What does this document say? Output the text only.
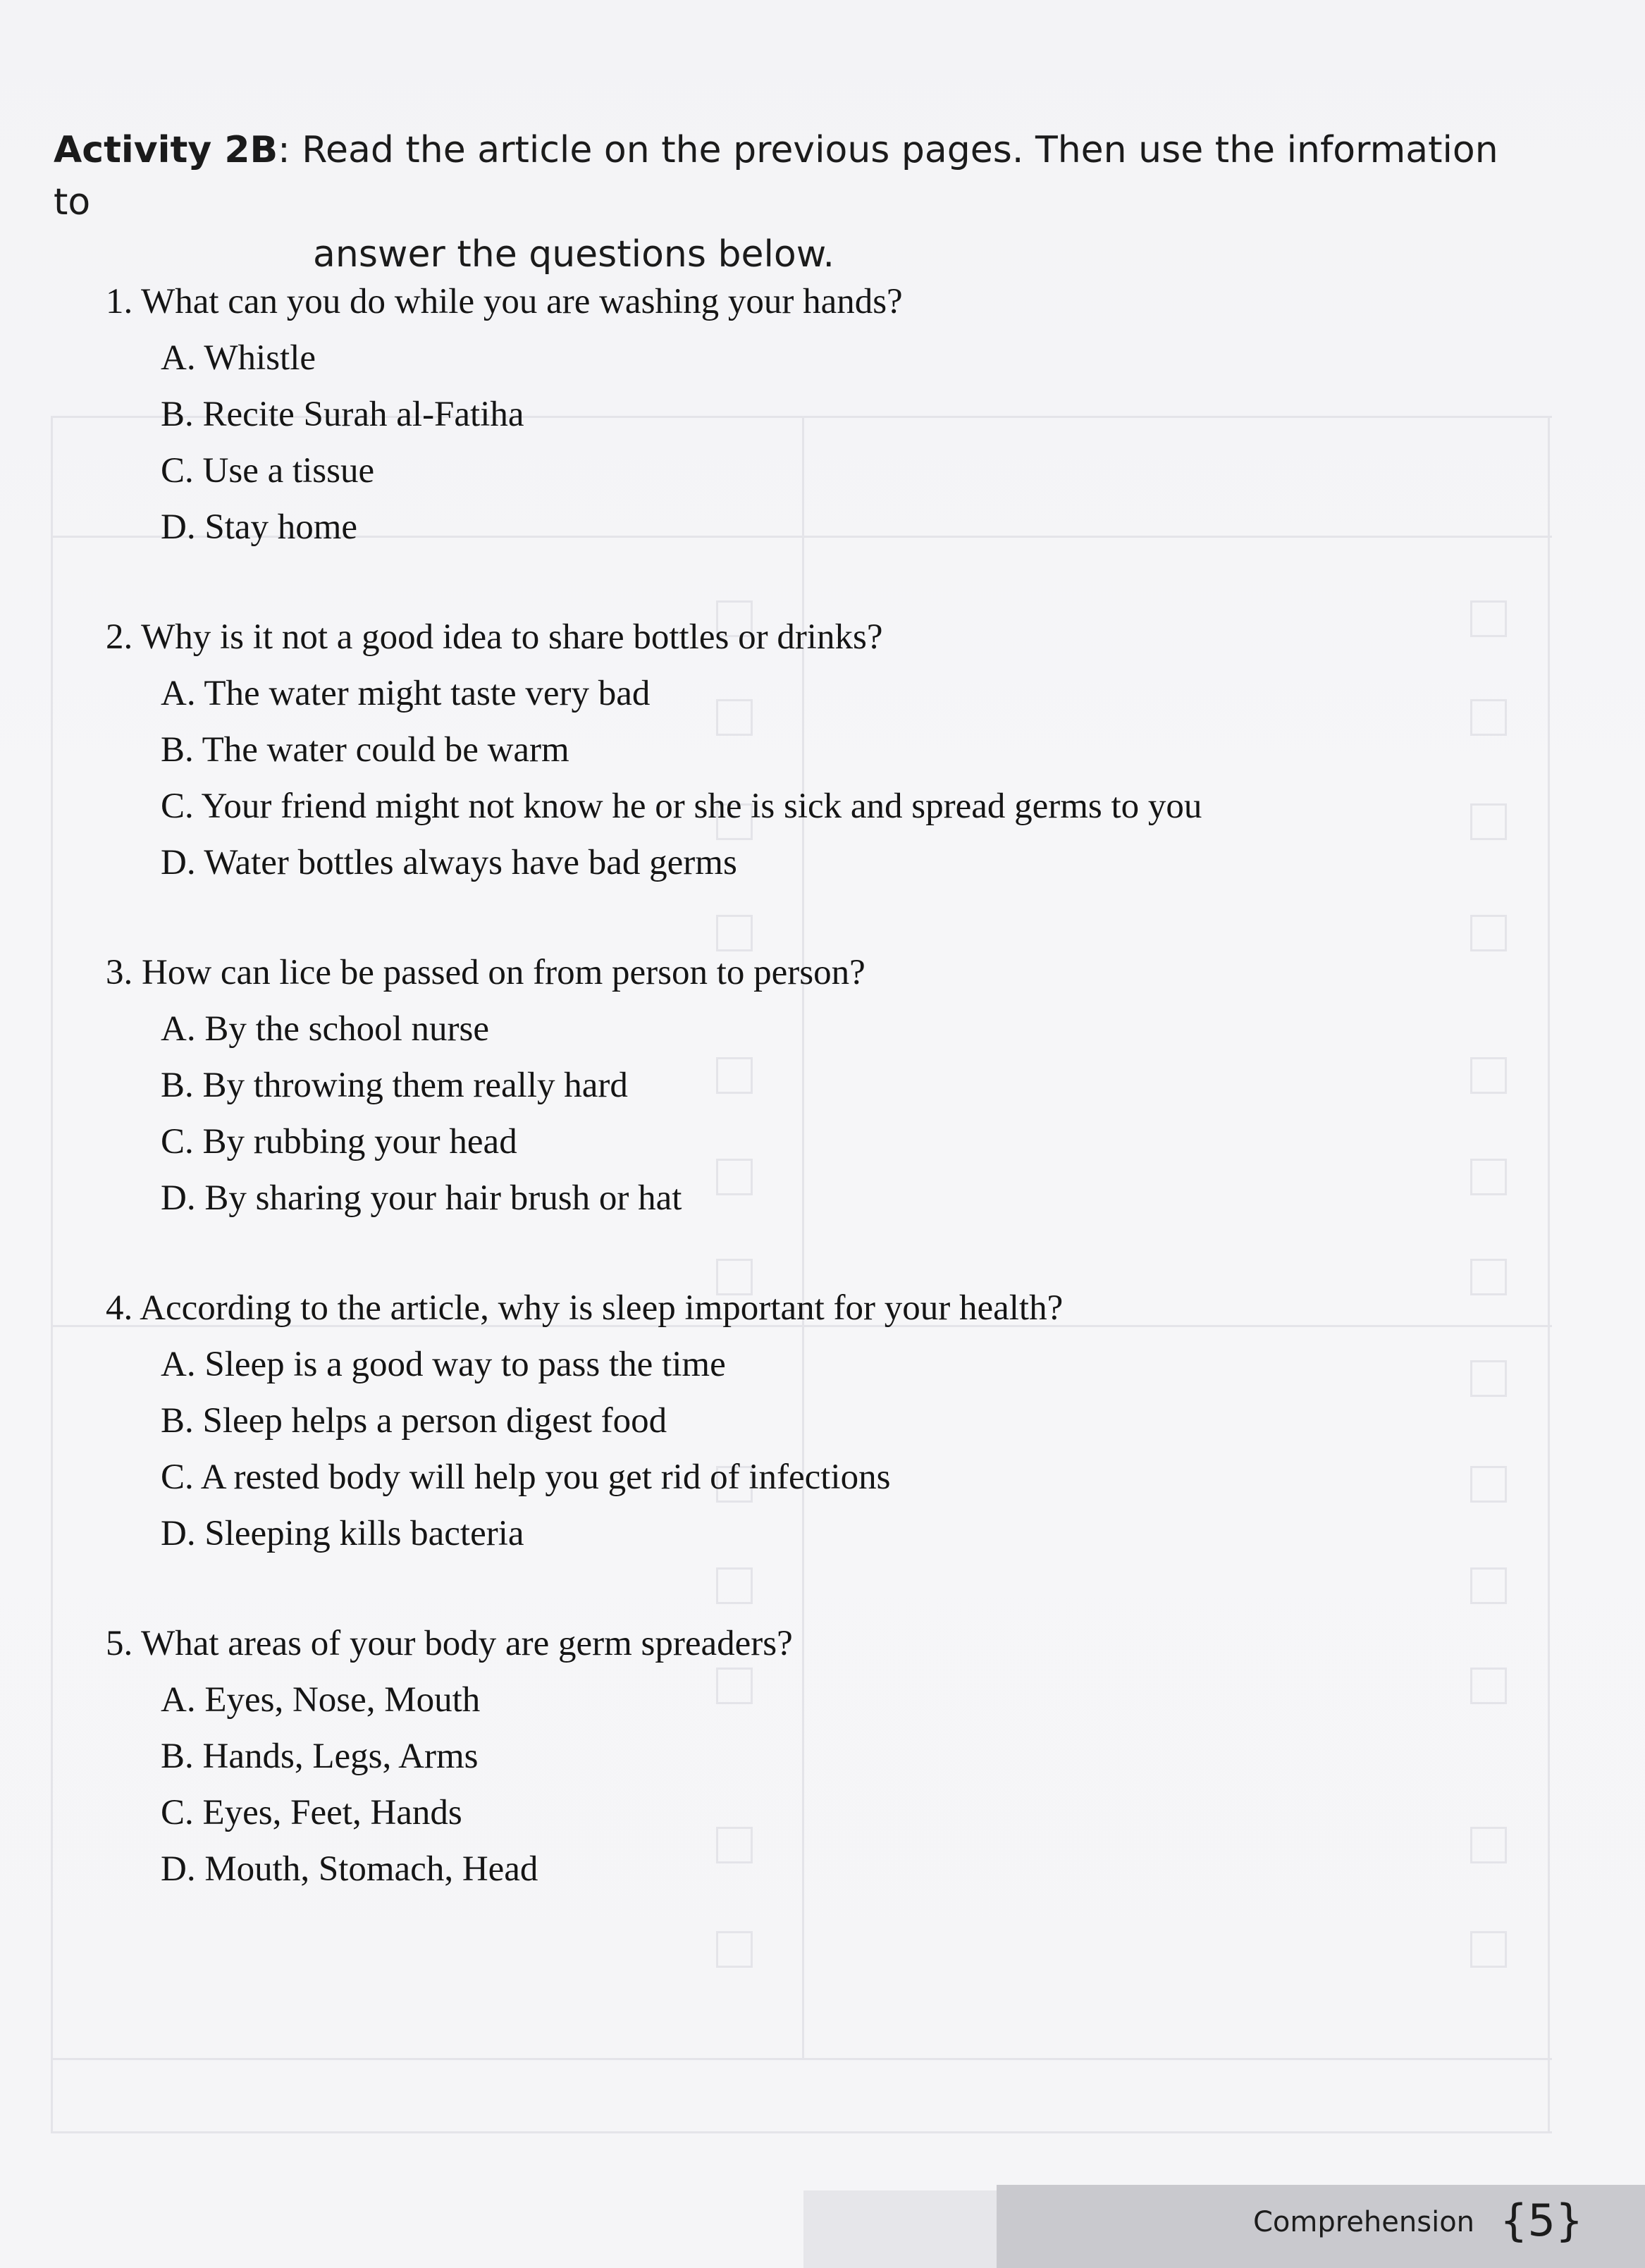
Activity 2B: Read the article on the previous pages. Then use the information to
answer the questions below.
1. What can you do while you are washing your hands?
A. Whistle
B. Recite Surah al-Fatiha
C. Use a tissue
D. Stay home
2. Why is it not a good idea to share bottles or drinks?
A. The water might taste very bad
B. The water could be warm
C. Your friend might not know he or she is sick and spread germs to you
D. Water bottles always have bad germs
3. How can lice be passed on from person to person?
A. By the school nurse
B. By throwing them really hard
C. By rubbing your head
D. By sharing your hair brush or hat
4. According to the article, why is sleep important for your health?
A. Sleep is a good way to pass the time
B. Sleep helps a person digest food
C. A rested body will help you get rid of infections
D. Sleeping kills bacteria
5. What areas of your body are germ spreaders?
A. Eyes, Nose, Mouth
B. Hands, Legs, Arms
C. Eyes, Feet, Hands
D. Mouth, Stomach, Head
Comprehension {5}
